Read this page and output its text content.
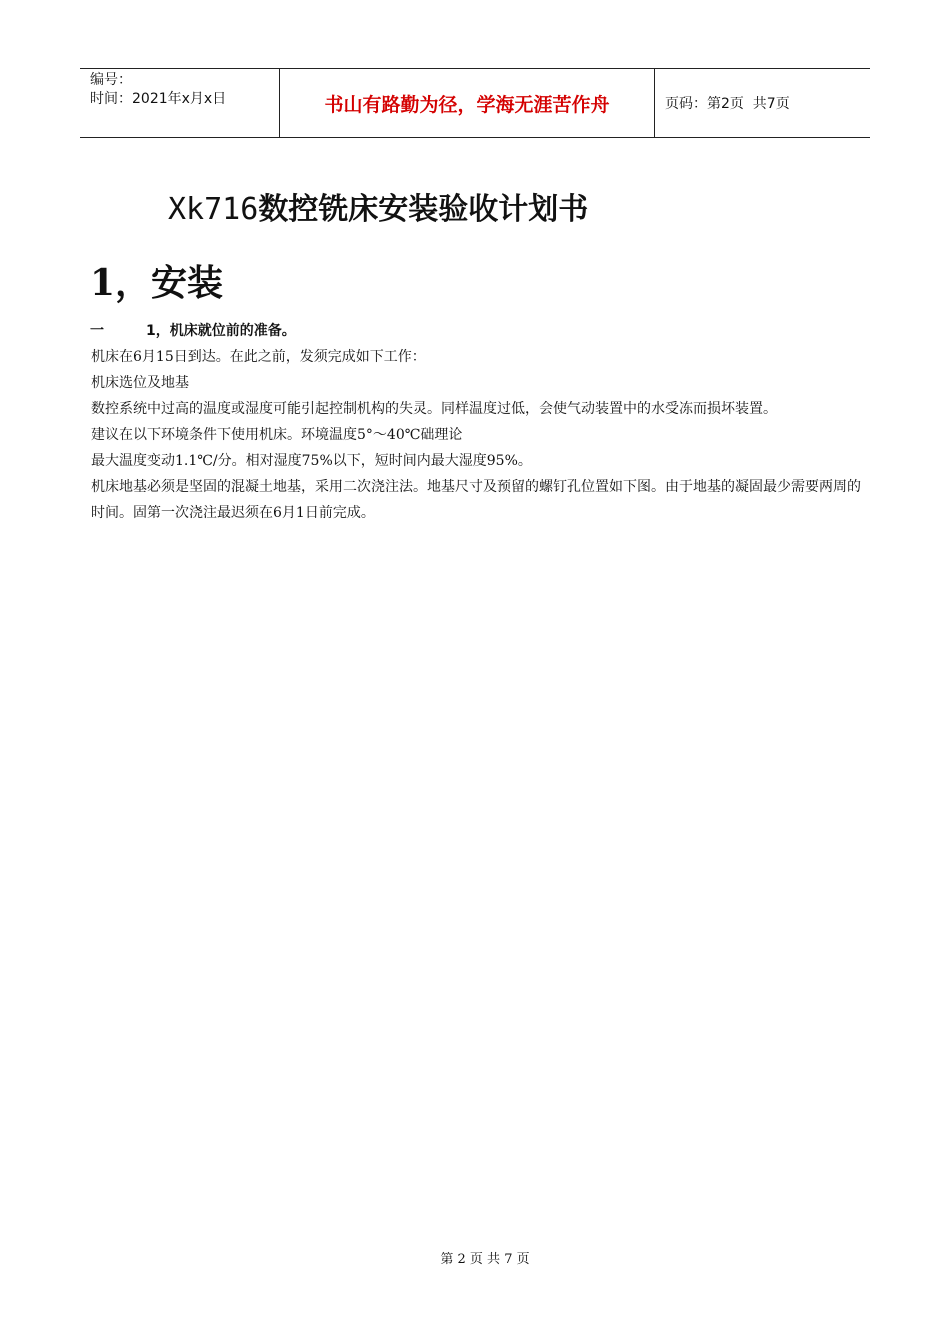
编号：
时间：2021年x月x日	书山有路勤为径，学海无涯苦作舟	页码：第2页  共7页
Xk716数控铣床安装验收计划书
1，安装
一	1，机床就位前的准备。

机床在6月15日到达。在此之前，发须完成如下工作：

机床选位及地基

数控系统中过高的温度或湿度可能引起控制机构的失灵。同样温度过低，会使气动装置中的水受冻而损坏装置。

建议在以下环境条件下使用机床。环境温度5°～40℃础理论

最大温度变动1.1℃/分。相对湿度75%以下，短时间内最大湿度95%。

机床地基必须是坚固的混凝土地基，采用二次浇注法。地基尺寸及预留的螺钉孔位置如下图。由于地基的凝固最少需要两周的时间。固第一次浇注最迟须在6月1日前完成。

第 2 页 共 7 页
